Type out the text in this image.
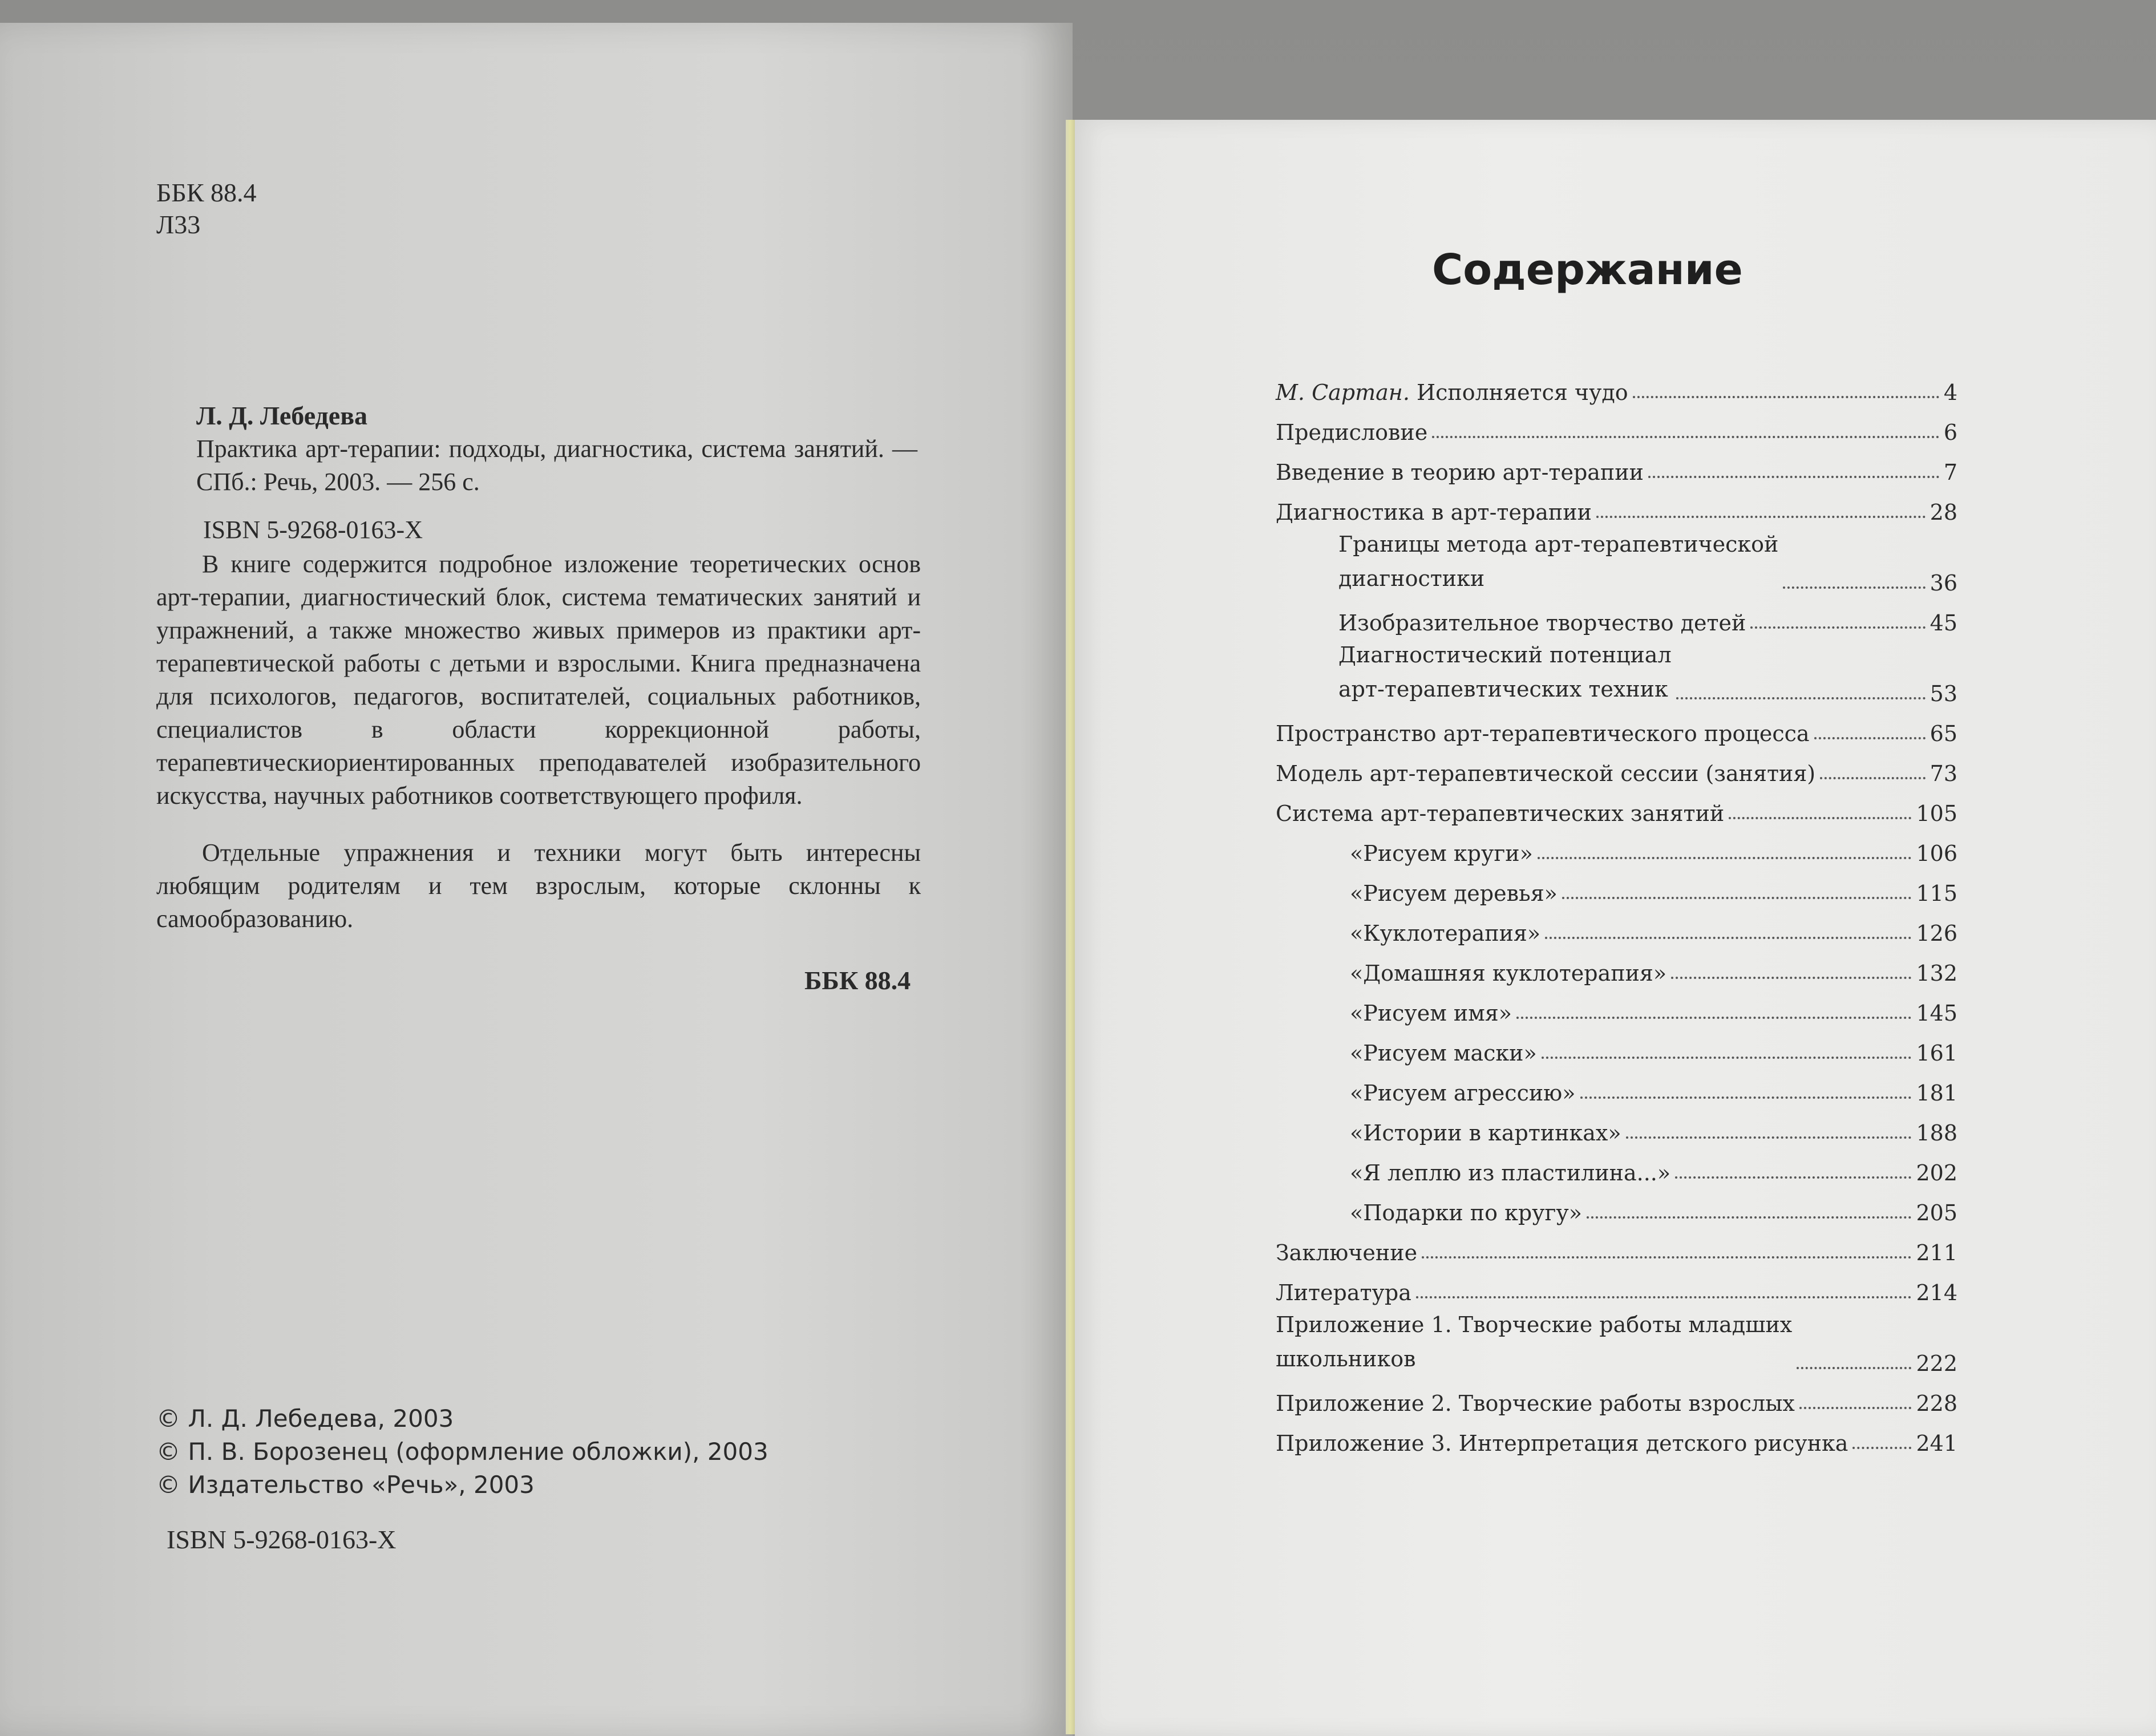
ББК 88.4
Л33
Л. Д. Лебедева
Практика арт-терапии: подходы, диагностика, система занятий. — СПб.: Речь, 2003. — 256 с.
ISBN 5-9268-0163-X
В книге содержится подробное изложение теоретических основ арт-терапии, диагностический блок, система тематических занятий и упражнений, а также множество живых примеров из практики арт-терапевтической работы с детьми и взрослыми. Книга предназначена для психологов, педагогов, воспитателей, социальных работников, специалистов в области коррекционной работы, терапевтическиориентированных преподавателей изобразительного искусства, научных работников соответствующего профиля.
Отдельные упражнения и техники могут быть интересны любящим родителям и тем взрослым, которые склонны к самообразованию.
ББК 88.4
© Л. Д. Лебедева, 2003
© П. В. Борозенец (оформление обложки), 2003
© Издательство «Речь», 2003
ISBN 5-9268-0163-X
Содержание
М. Сартан. Исполняется чудо	4
Предисловие	6
Введение в теорию арт-терапии	7
Диагностика в арт-терапии	28
Границы метода арт-терапевтической
диагностики	36
Изобразительное творчество детей	45
Диагностический потенциал
арт-терапевтических техник	53
Пространство арт-терапевтического процесса	65
Модель арт-терапевтической сессии (занятия)	73
Система арт-терапевтических занятий	105
«Рисуем круги»	106
«Рисуем деревья»	115
«Куклотерапия»	126
«Домашняя куклотерапия»	132
«Рисуем имя»	145
«Рисуем маски»	161
«Рисуем агрессию»	181
«Истории в картинках»	188
«Я леплю из пластилина...»	202
«Подарки по кругу»	205
Заключение	211
Литература	214
Приложение 1. Творческие работы младших
школьников	222
Приложение 2. Творческие работы взрослых	228
Приложение 3. Интерпретация детского рисунка	241
